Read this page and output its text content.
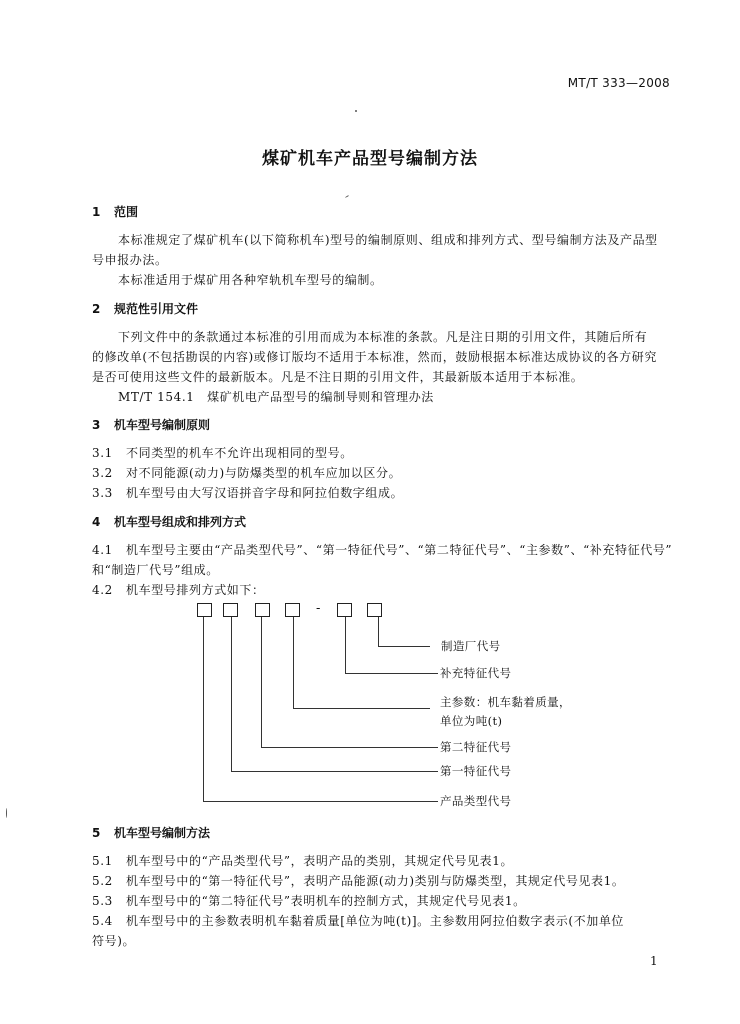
MT/T 333—2008
煤矿机车产品型号编制方法
1 范围
本标准规定了煤矿机车(以下简称机车)型号的编制原则、组成和排列方式、型号编制方法及产品型
号申报办法。
本标准适用于煤矿用各种窄轨机车型号的编制。
2 规范性引用文件
下列文件中的条款通过本标准的引用而成为本标准的条款。凡是注日期的引用文件，其随后所有
的修改单(不包括勘误的内容)或修订版均不适用于本标准，然而，鼓励根据本标准达成协议的各方研究
是否可使用这些文件的最新版本。凡是不注日期的引用文件，其最新版本适用于本标准。
MT/T 154.1　煤矿机电产品型号的编制导则和管理办法
3 机车型号编制原则
3.1 不同类型的机车不允许出现相同的型号。
3.2 对不同能源(动力)与防爆类型的机车应加以区分。
3.3 机车型号由大写汉语拼音字母和阿拉伯数字组成。
4 机车型号组成和排列方式
4.1 机车型号主要由“产品类型代号”、“第一特征代号”、“第二特征代号”、“主参数”、“补充特征代号”
和“制造厂代号”组成。
4.2 机车型号排列方式如下：
-
制造厂代号
补充特征代号
主参数：机车黏着质量，
单位为吨(t)
第二特征代号
第一特征代号
产品类型代号
5 机车型号编制方法
5.1 机车型号中的“产品类型代号”，表明产品的类别，其规定代号见表1。
5.2 机车型号中的“第一特征代号”，表明产品能源(动力)类别与防爆类型，其规定代号见表1。
5.3 机车型号中的“第二特征代号”表明机车的控制方式，其规定代号见表1。
5.4 机车型号中的主参数表明机车黏着质量[单位为吨(t)]。主参数用阿拉伯数字表示(不加单位
符号)。
1
